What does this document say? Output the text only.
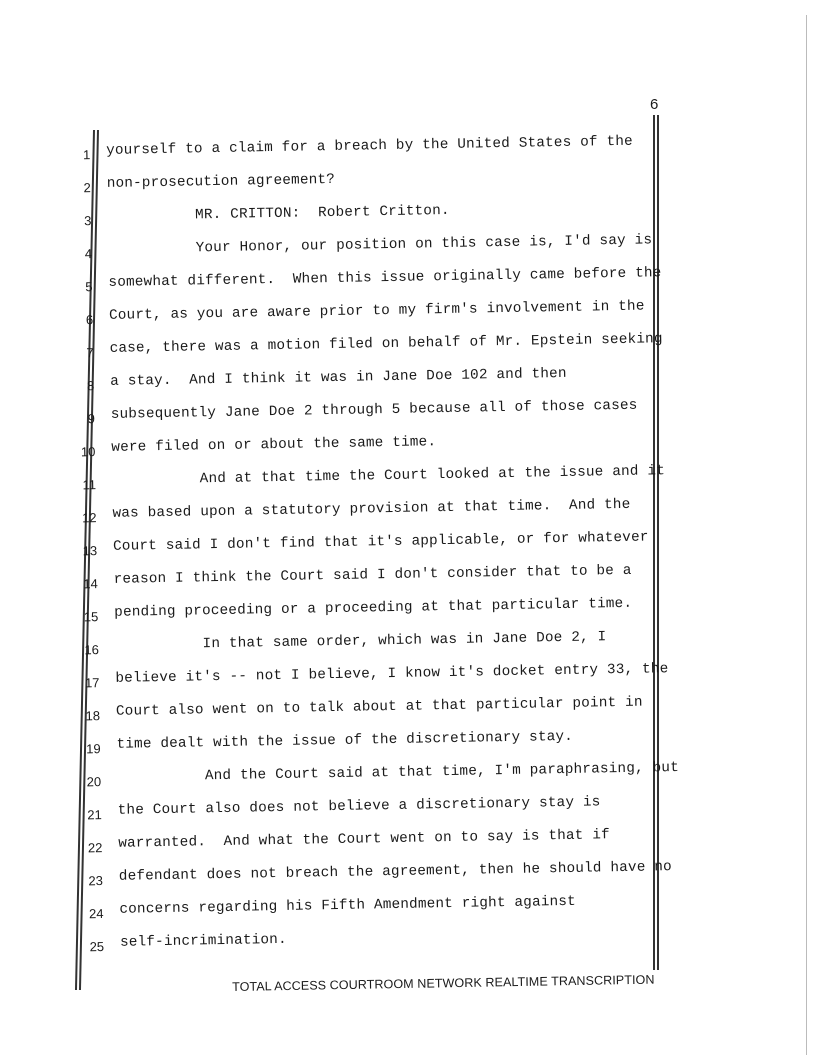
6
1 yourself to a claim for a breach by the United States of the
2 non-prosecution agreement?
3 MR. CRITTON:  Robert Critton.
4 Your Honor, our position on this case is, I'd say is
5 somewhat different.  When this issue originally came before the
6 Court, as you are aware prior to my firm's involvement in the
7 case, there was a motion filed on behalf of Mr. Epstein seeking
8 a stay.  And I think it was in Jane Doe 102 and then
9 subsequently Jane Doe 2 through 5 because all of those cases
10 were filed on or about the same time.
11 And at that time the Court looked at the issue and it
12 was based upon a statutory provision at that time.  And the
13 Court said I don't find that it's applicable, or for whatever
14 reason I think the Court said I don't consider that to be a
15 pending proceeding or a proceeding at that particular time.
16 In that same order, which was in Jane Doe 2, I
17 believe it's -- not I believe, I know it's docket entry 33, the
18 Court also went on to talk about at that particular point in
19 time dealt with the issue of the discretionary stay.
20 And the Court said at that time, I'm paraphrasing, but
21 the Court also does not believe a discretionary stay is
22 warranted.  And what the Court went on to say is that if
23 defendant does not breach the agreement, then he should have no
24 concerns regarding his Fifth Amendment right against
25 self-incrimination.
TOTAL ACCESS COURTROOM NETWORK REALTIME TRANSCRIPTION
